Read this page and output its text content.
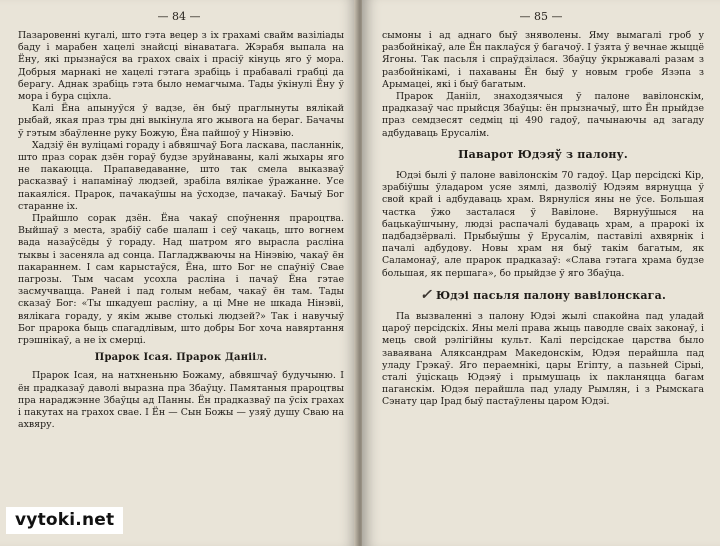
— 84 —

Пазаровенні кугалі, што гэта вецер з іх грахамі свайм вазіліады баду і марабен хацелі знайсці вінаватага. Жэрабя выпала на Ёну, які прызнаўся ва грахох сваіх і прасіў кінуць яго ў мора. Добрыя марнакі не хацелі гэтага зрабіць і прабавалі грабці да берагу. Аднак зрабіць гэта было немагчыма. Тады ўкінулі Ёну ў мора і бура сціхла.

Калі Ёна апынуўся ў вадзе, ён быў праглынуты вялікай рыбай, якая праз тры дні выкінула яго жывога на бераг. Бачачы ў гэтым збаўленне руку Божую, Ёна пайшоў у Нінэвію.

Хадзіў ён вуліцамі гораду і абвяшчаў Бога ласкава, пасланнік, што праз сорак дзён гораў будзе зруйнаваны, калі жыхары яго не пакаюцца. Прапаведаванне, што так смела выказваў расказваў і напамінаў людзей, зрабіла вялікае ўражанне. Усе пакаяліся. Прарок, пачакаўшы на ўсходзе, пачакаў. Бачыў Бог старанне іх.

Прайшло сорак дзён. Ёна чакаў споўнення прароцтва. Выйшаў з места, зрабіў сабе шалаш і сеў чакаць, што вогнем вада назаўсёды ў гораду. Над шатром яго вырасла расліна тыквы і засеняла ад сонца. Пагладжваючы на Нінэвію, чакаў ён пакараннем. І сам карыстаўся, Ёна, што Бог не спаўніў Свае пагрозы. Тым часам усохла расліна і пачаў Ёна гэтае засмучвацца. Раней і пад голым небам, чакаў ён там. Тады сказаў Бог: «Ты шкадуеш расліну, а ці Мне не шкада Нінэвіі, вялікага гораду, у якім жыве столькі людзей?» Так і навучыў Бог прарока быць спагадлівым, што добры Бог хоча навяртання грэшнікаў, а не іх смерці.

Прарок Ісая. Прарок Данііл.

Прарок Ісая, на натхненьню Божаму, абвяшчаў будучыню. І ён прадказаў даволі выразна пра Збаўцу. Памятаныя прароцтвы пра нараджэнне Збаўцы ад Панны. Ён прадказваў па ўсіх грахах і пакутах на грахох свае. І Ён — Сын Божы — узяў душу Сваю на ахвяру.

— 85 —

сымоны і ад аднаго быў зняволены. Яму вымагалі гроб у разбойнікаў, але Ён паклаўся ў багачоў. І ўзята ў вечнае жыццё Ягоны. Так пасьля і спраўдзілася. Збаўцу ўкрыжавалі разам з разбойнікамі, і пахаваны Ён быў у новым гробе Язэпа з Арымацеі, які і быў багатым.

Прарок Данііл, знаходзячыся ў палоне вавілонскім, прадказаў час прыйсця Збаўцы: ён прызначыў, што Ён прыйдзе праз семдзесят седміц ці 490 гадоў, пачынаючы ад загаду адбудаваць Ерусалім.

Паварот Юдэяў з палону.

Юдэі былі ў палоне вавілонскім 70 гадоў. Цар персідскі Кір, зрабіўшы ўладаром усяе зямлі, дазволіў Юдэям вярнуцца ў свой край і адбудаваць храм. Вярнуліся яны не ўсе. Большая частка ўжо засталася ў Вавілоне. Вярнуўшыся на бацькаўшчыну, людзі распачалі будаваць храм, а прарокі іх падбадзёрвалі. Прыбыўшы ў Ерусалім, паставілі ахвярнік і пачалі адбудову. Новы храм ня быў такім багатым, як Саламонаў, але прарок прадказаў: «Слава гэтага храма будзе большая, як першага», бо прыйдзе ў яго Збаўца.

✓ Юдэі пасьля палону вавілонскага.

Па вызваленні з палону Юдэі жылі спакойна пад уладай цароў персідскіх. Яны мелі права жыць паводле сваіх законаў, і мець свой рэлігійны культ. Калі персідскае царства было заваявана Аляксандрам Македонскім, Юдэя перайшла пад уладу Грэкаў. Яго пераемнікі, цары Егіпту, а пазьней Сірыі, сталі ўціскаць Юдэяў і прымушаць іх пакланяцца багам паганскім. Юдэя перайшла пад уладу Рымлян, і з Рымскага Сэнату цар Ірад быў пастаўлены царом Юдэі.

vytoki.net
